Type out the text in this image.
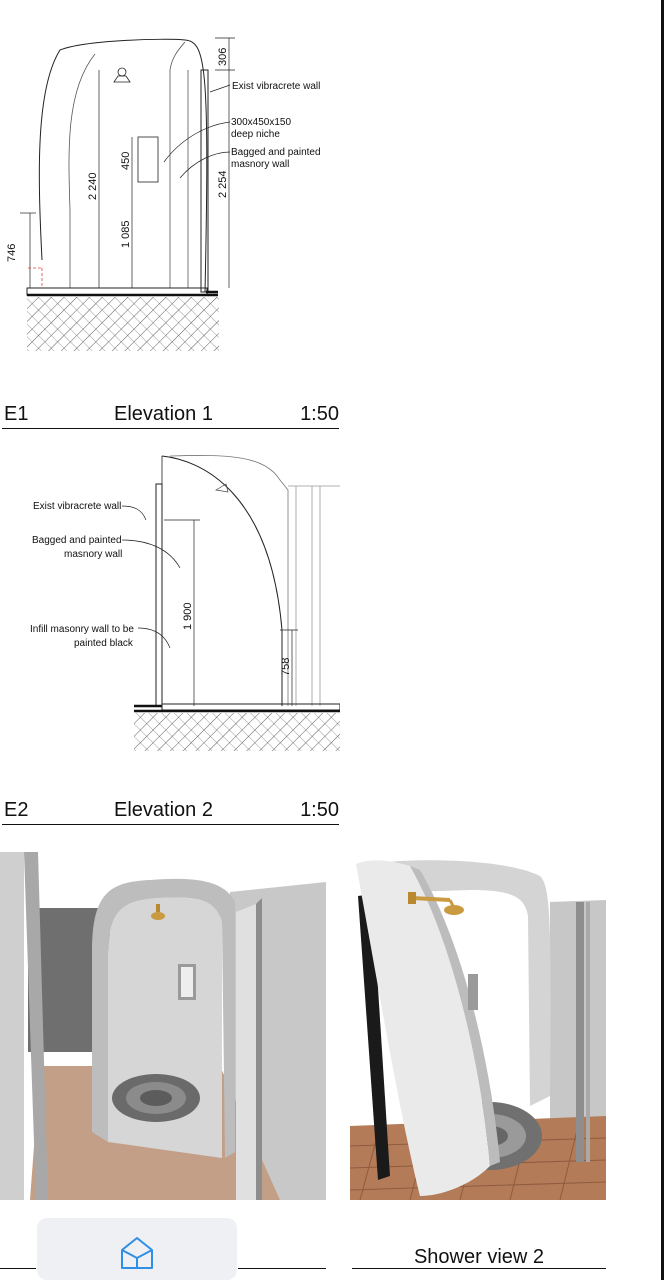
306
2 240
450
1 085
2 254
746
Exist vibracrete wall
300x450x150
deep niche
Bagged and painted
masnory wall
E1	Elevation 1	1:50
1 900
758
Exist vibracrete wall
Bagged and painted
masnory wall
Infill masonry wall to be
painted black
E2	Elevation 2	1:50
Shower view 2
